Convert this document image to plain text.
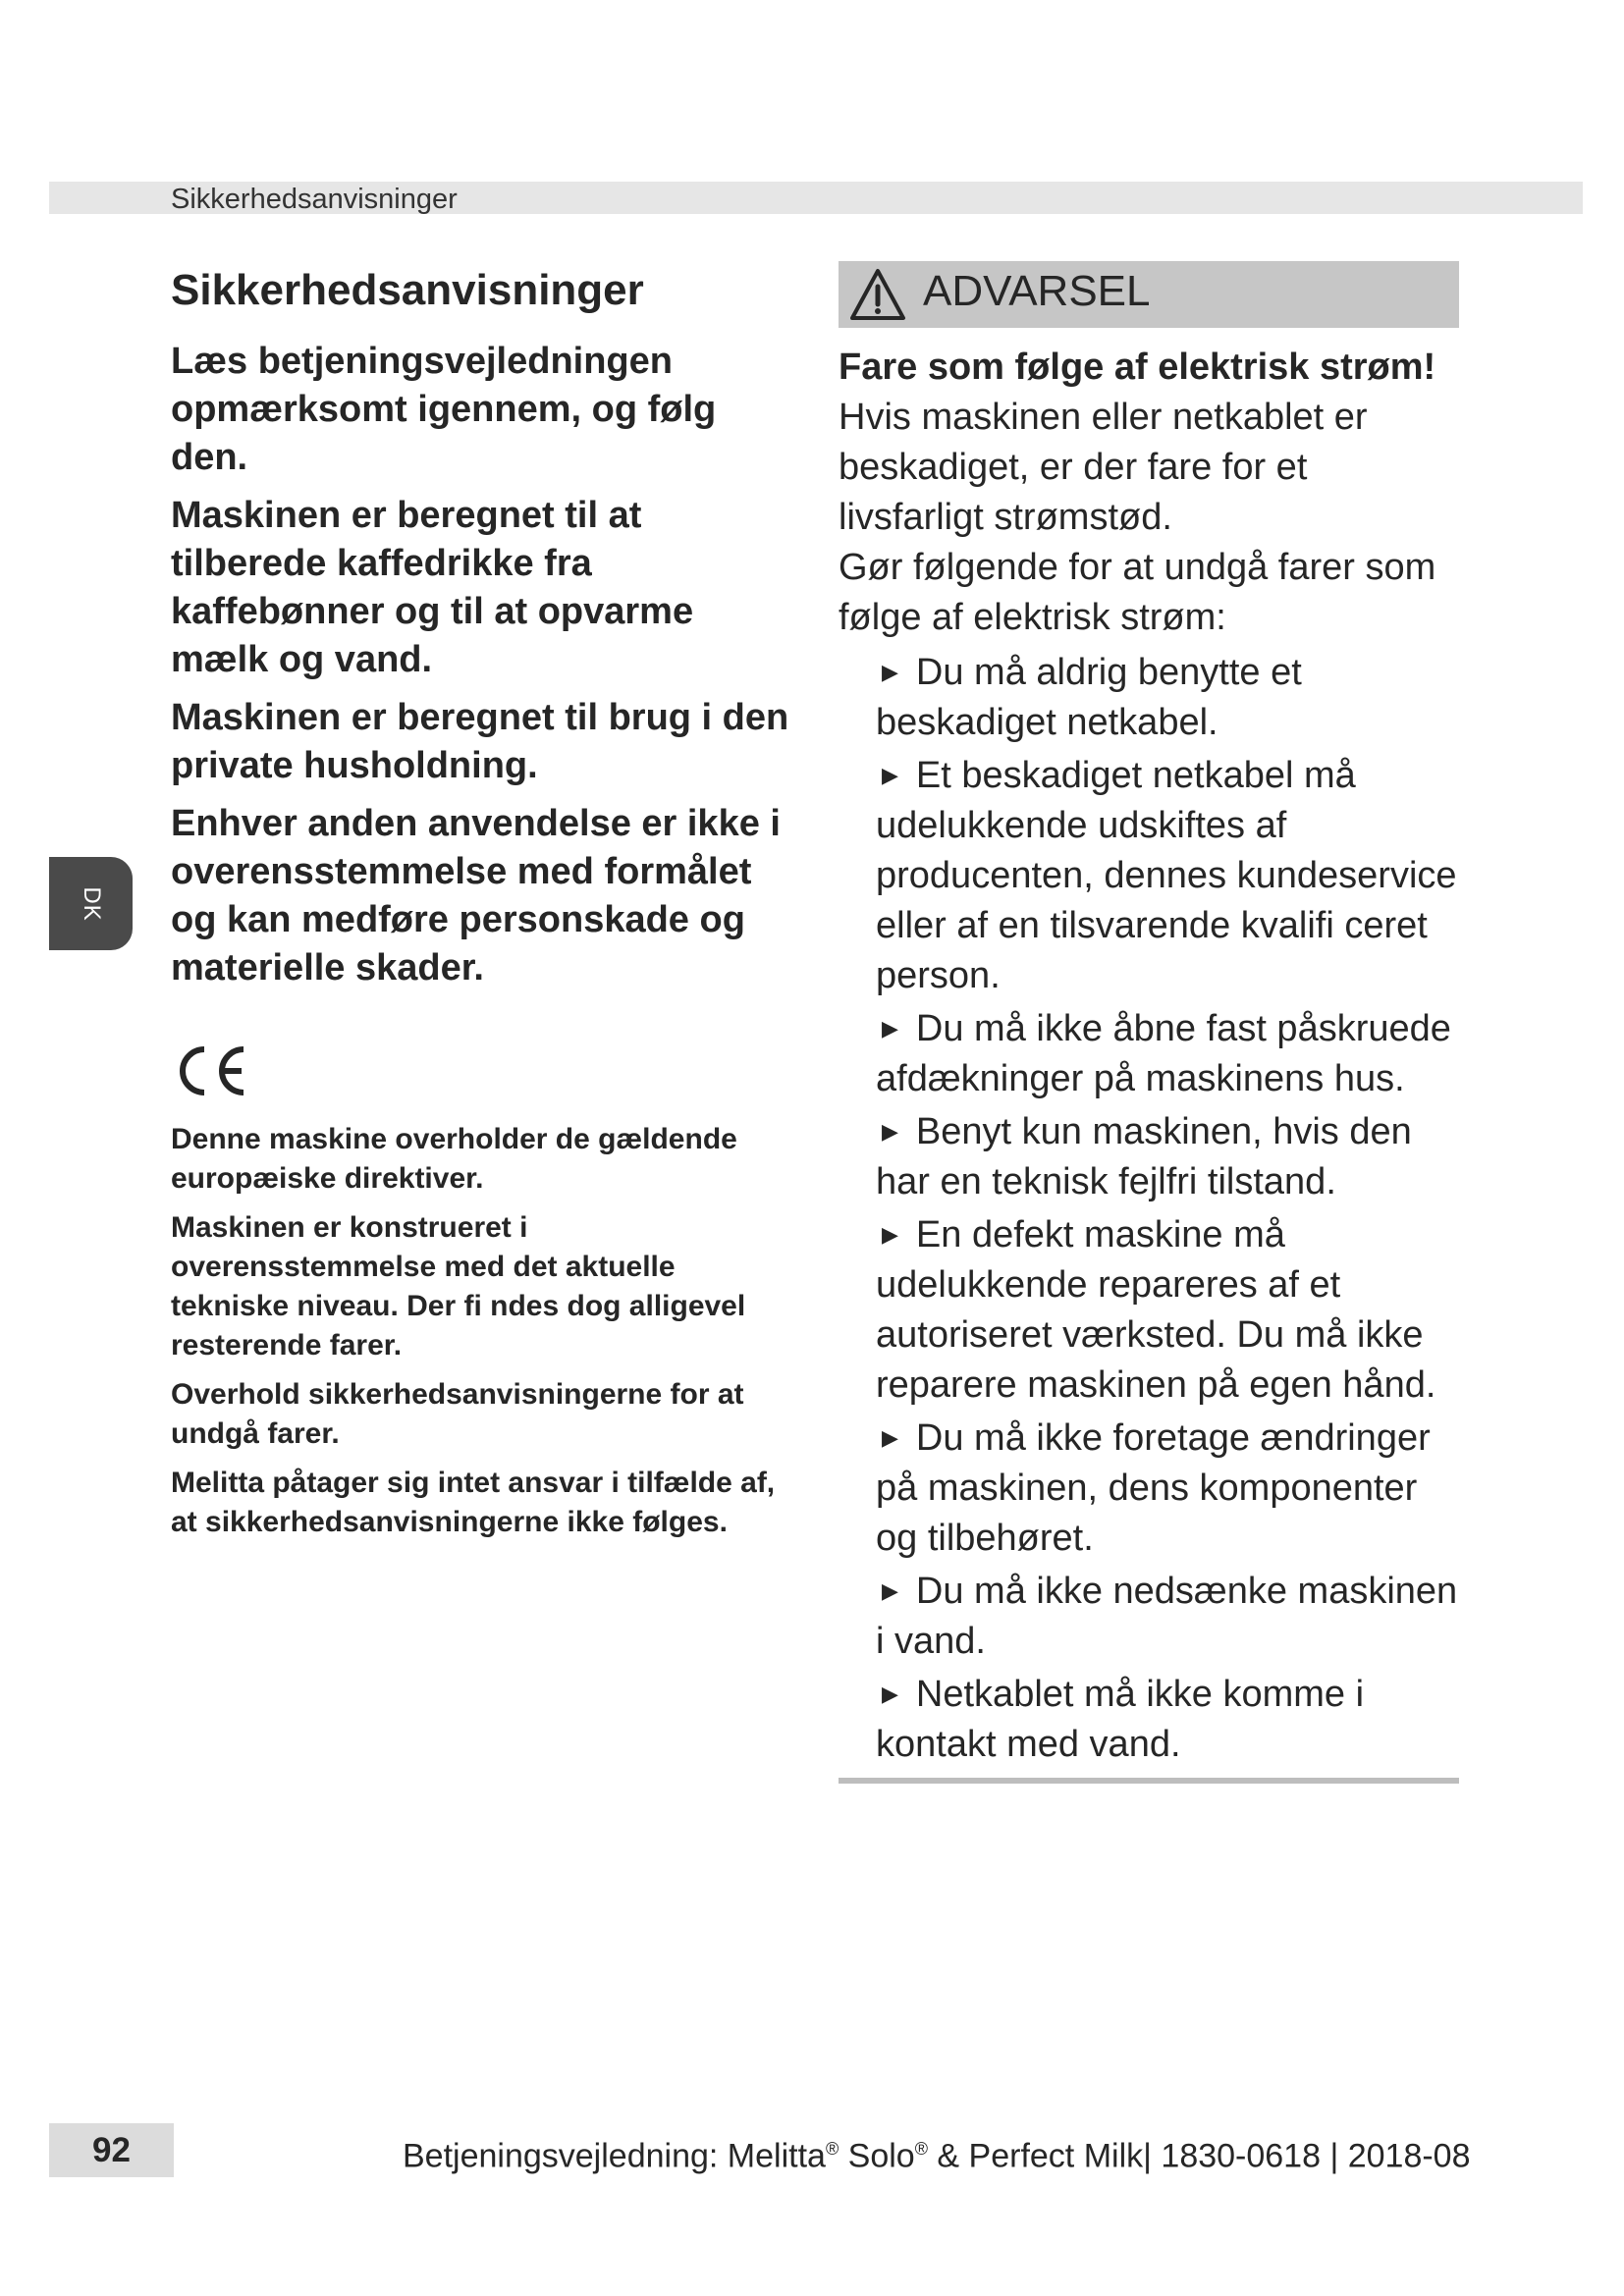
Sikkerhedsanvisninger
DK
Sikkerhedsanvisninger

Læs betjeningsvejledningen opmærksomt igennem, og følg den.

Maskinen er beregnet til at tilberede kaffedrikke fra kaffebønner og til at opvarme mælk og vand.

Maskinen er beregnet til brug i den private husholdning.

Enhver anden anvendelse er ikke i overensstemmelse med formålet og kan medføre personskade og materielle skader.

Denne maskine overholder de gældende europæiske direktiver.

Maskinen er konstrueret i overensstemmelse med det aktuelle tekniske niveau. Der fi ndes dog alligevel resterende farer.

Overhold sikkerhedsanvisningerne for at undgå farer.

Melitta påtager sig intet ansvar i tilfælde af, at sikkerhedsanvisningerne ikke følges.

ADVARSEL

Fare som følge af elektrisk strøm!

Hvis maskinen eller netkablet er beskadiget, er der fare for et livsfarligt strømstød.

Gør følgende for at undgå farer som følge af elektrisk strøm:

▶ Du må aldrig benytte et beskadiget netkabel.
▶ Et beskadiget netkabel må udelukkende udskiftes af producenten, dennes kundeservice eller af en tilsvarende kvalifi ceret person.
▶ Du må ikke åbne fast påskruede afdækninger på maskinens hus.
▶ Benyt kun maskinen, hvis den har en teknisk fejlfri tilstand.
▶ En defekt maskine må udelukkende repareres af et autoriseret værksted. Du må ikke reparere maskinen på egen hånd.
▶ Du må ikke foretage ændringer på maskinen, dens komponenter og tilbehøret.
▶ Du må ikke nedsænke maskinen i vand.
▶ Netkablet må ikke komme i kontakt med vand.
92	Betjeningsvejledning: Melitta® Solo® & Perfect Milk| 1830-0618 | 2018-08
